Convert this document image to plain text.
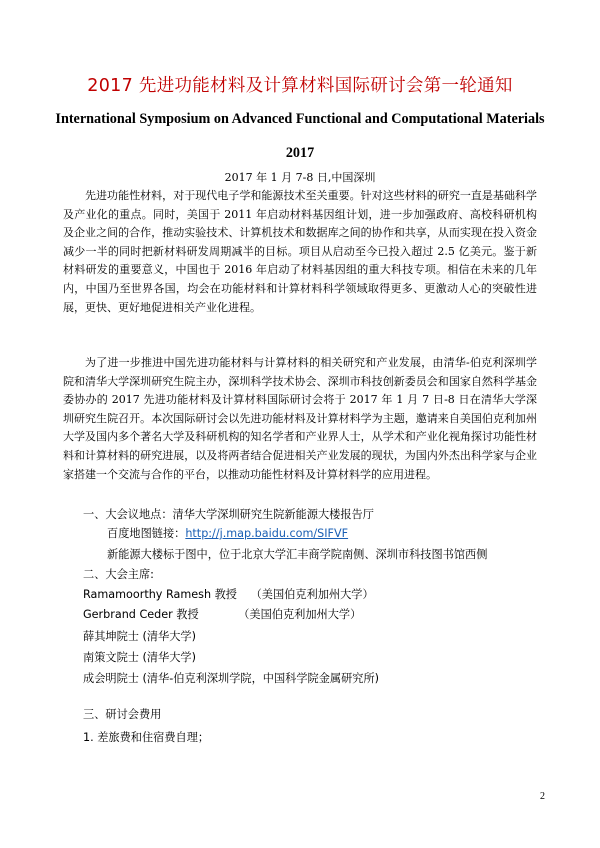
2017 先进功能材料及计算材料国际研讨会第一轮通知
International Symposium on Advanced Functional and Computational Materials
2017
2017 年 1 月 7-8 日,中国深圳

先进功能性材料，对于现代电子学和能源技术至关重要。针对这些材料的研究一直是基础科学及产业化的重点。同时，美国于 2011 年启动材料基因组计划，进一步加强政府、高校科研机构及企业之间的合作，推动实验技术、计算机技术和数据库之间的协作和共享，从而实现在投入资金减少一半的同时把新材料研发周期减半的目标。项目从启动至今已投入超过 2.5 亿美元。鉴于新材料研发的重要意义，中国也于 2016 年启动了材料基因组的重大科技专项。相信在未来的几年内，中国乃至世界各国，均会在功能材料和计算材料科学领域取得更多、更激动人心的突破性进展，更快、更好地促进相关产业化进程。

为了进一步推进中国先进功能材料与计算材料的相关研究和产业发展，由清华-伯克利深圳学院和清华大学深圳研究生院主办，深圳科学技术协会、深圳市科技创新委员会和国家自然科学基金委协办的 2017 先进功能材料及计算材料国际研讨会将于 2017 年 1 月 7 日-8 日在清华大学深圳研究生院召开。本次国际研讨会以先进功能材料及计算材料学为主题，邀请来自美国伯克利加州大学及国内多个著名大学及科研机构的知名学者和产业界人士，从学术和产业化视角探讨功能性材料和计算材料的研究进展，以及将两者结合促进相关产业发展的现状，为国内外杰出科学家与企业家搭建一个交流与合作的平台，以推动功能性材料及计算材料学的应用进程。

一、大会议地点：清华大学深圳研究生院新能源大楼报告厅
百度地图链接：http://j.map.baidu.com/SIFVF
新能源大楼标于图中，位于北京大学汇丰商学院南侧、深圳市科技图书馆西侧
二、大会主席:
Ramamoorthy Ramesh 教授 （美国伯克利加州大学）
Gerbrand Ceder 教授	（美国伯克利加州大学）
薛其坤院士 (清华大学)
南策文院士 (清华大学)
成会明院士 (清华-伯克利深圳学院，中国科学院金属研究所)
三、研讨会费用
1. 差旅费和住宿费自理；
2
